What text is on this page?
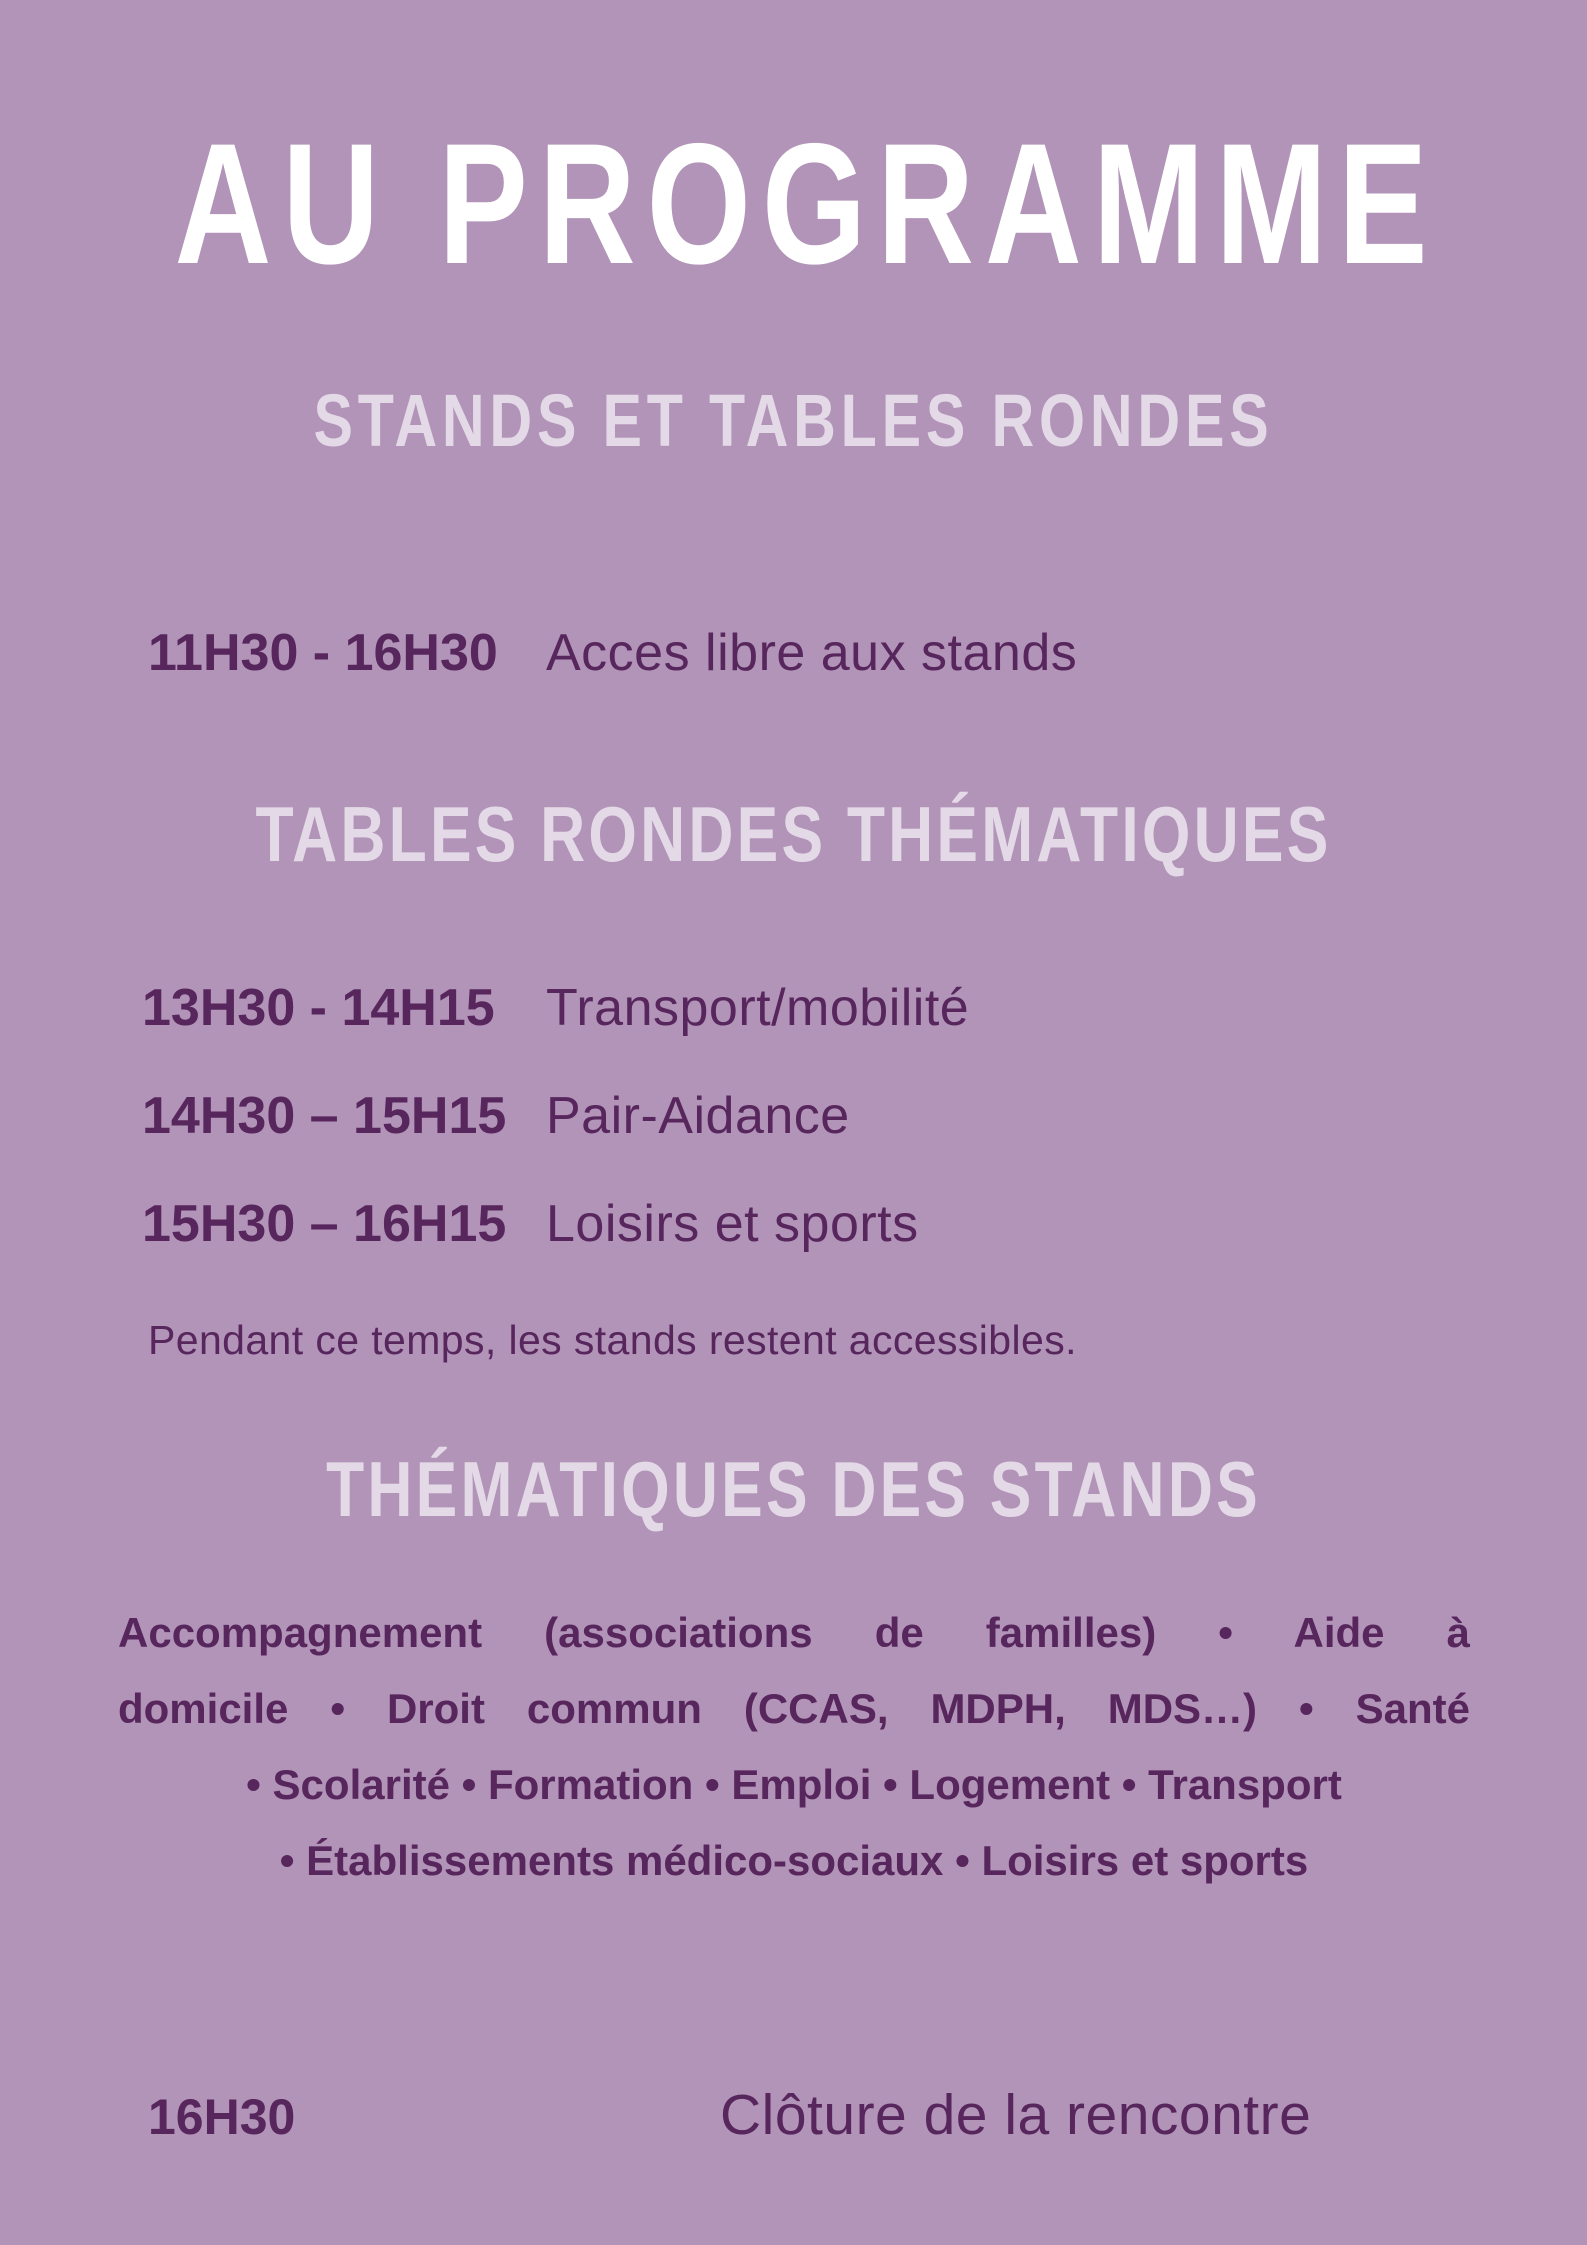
AU PROGRAMME
STANDS ET TABLES RONDES
11H30 - 16H30 Acces libre aux stands
TABLES RONDES THÉMATIQUES
13H30 - 14H15 Transport/mobilité
14H30 – 15H15 Pair-Aidance
15H30 – 16H15 Loisirs et sports
Pendant ce temps, les stands restent accessibles.
THÉMATIQUES DES STANDS
Accompagnement (associations de familles) • Aide à
domicile • Droit commun (CCAS, MDPH, MDS…) • Santé
• Scolarité • Formation • Emploi • Logement • Transport
• Établissements médico-sociaux • Loisirs et sports
16H30	Clôture de la rencontre
